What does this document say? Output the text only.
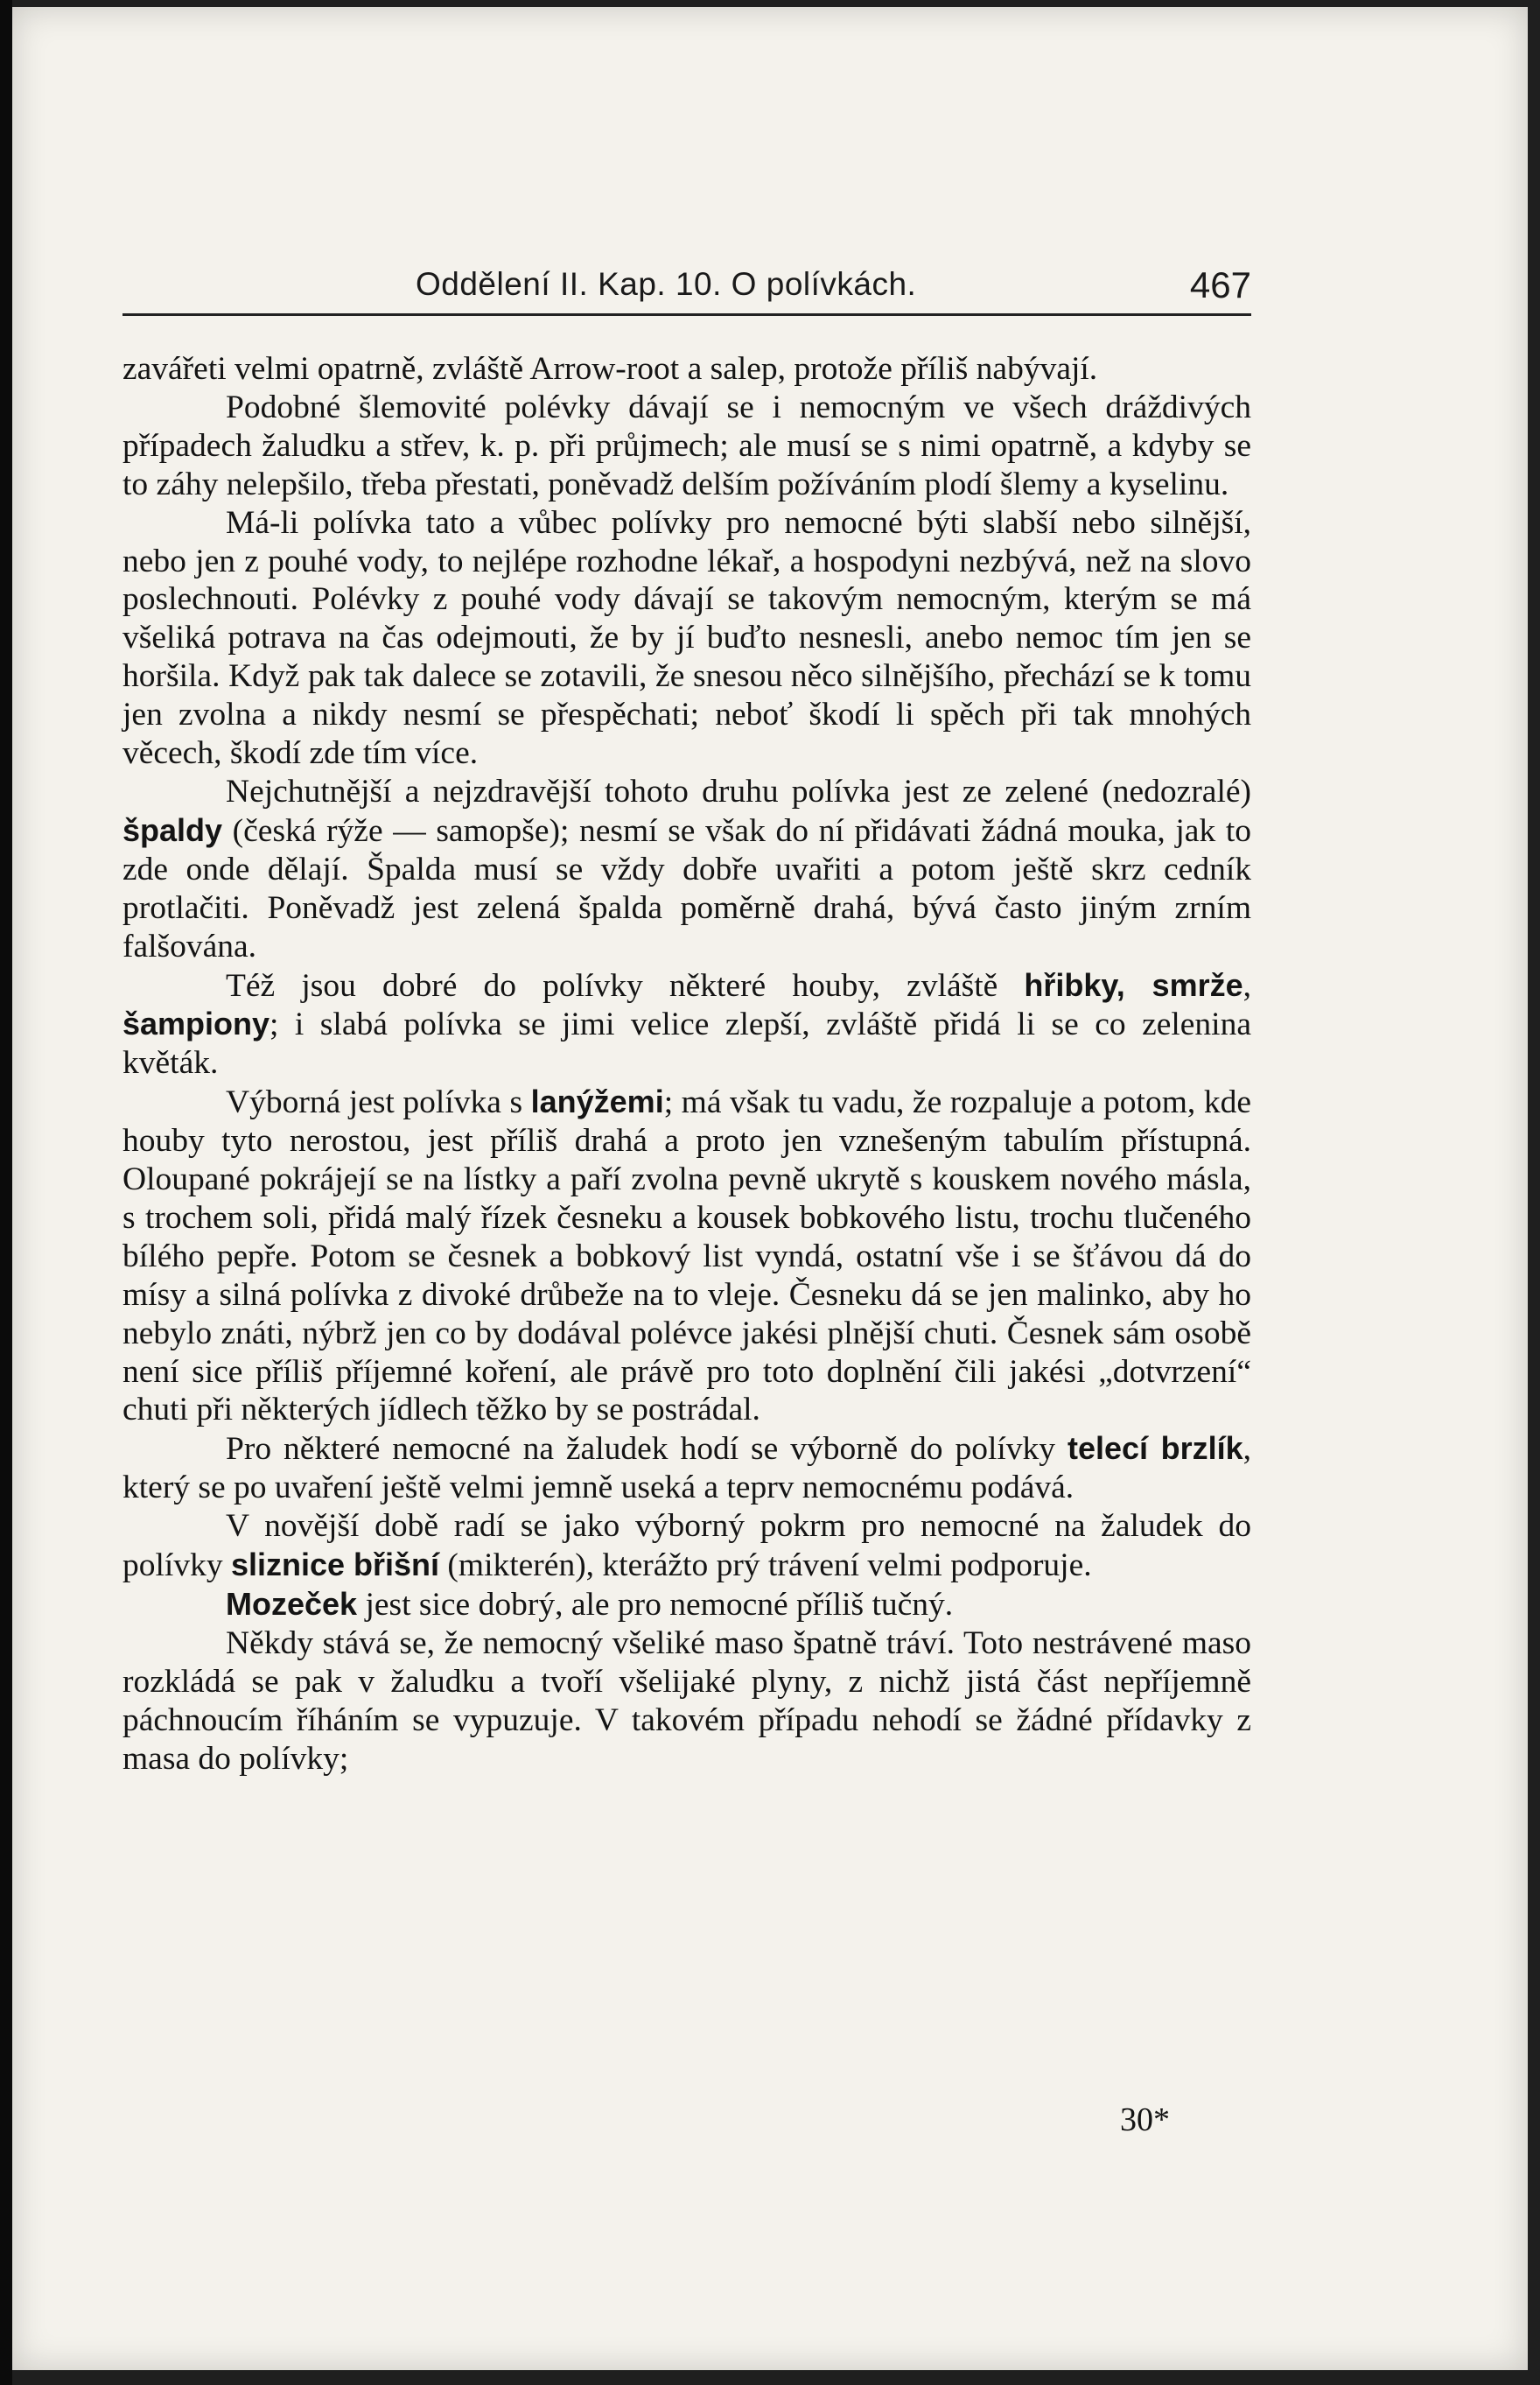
Oddělení II. Kap. 10. O polívkách.	467

zavářeti velmi opatrně, zvláště Arrow-root a salep, protože příliš nabývají.

Podobné šlemovité polévky dávají se i nemocným ve všech dráždivých případech žaludku a střev, k. p. při průjmech; ale musí se s nimi opatrně, a kdyby se to záhy nelepšilo, třeba přestati, poněvadž delším požíváním plodí šlemy a kyselinu.

Má-li polívka tato a vůbec polívky pro nemocné býti slabší nebo silnější, nebo jen z pouhé vody, to nejlépe rozhodne lékař, a hospodyni nezbývá, než na slovo poslechnouti. Polévky z pouhé vody dávají se takovým nemocným, kterým se má všeliká potrava na čas odejmouti, že by jí buďto nesnesli, anebo nemoc tím jen se horšila. Když pak tak dalece se zotavili, že snesou něco silnějšího, přechází se k tomu jen zvolna a nikdy nesmí se přespěchati; neboť škodí li spěch při tak mnohých věcech, škodí zde tím více.

Nejchutnější a nejzdravější tohoto druhu polívka jest ze zelené (nedozralé) špaldy (česká rýže — samopše); nesmí se však do ní přidávati žádná mouka, jak to zde onde dělají. Špalda musí se vždy dobře uvařiti a potom ještě skrz cedník protlačiti. Poněvadž jest zelená špalda poměrně drahá, bývá často jiným zrním falšována.

Též jsou dobré do polívky některé houby, zvláště hřibky, smrže, šampiony; i slabá polívka se jimi velice zlepší, zvláště přidá li se co zelenina květák.

Výborná jest polívka s lanýžemi; má však tu vadu, že rozpaluje a potom, kde houby tyto nerostou, jest příliš drahá a proto jen vznešeným tabulím přístupná. Oloupané pokrájejí se na lístky a paří zvolna pevně ukrytě s kouskem nového másla, s trochem soli, přidá malý řízek česneku a kousek bobkového listu, trochu tlučeného bílého pepře. Potom se česnek a bobkový list vyndá, ostatní vše i se šťávou dá do mísy a silná polívka z divoké drůbeže na to vleje. Česneku dá se jen malinko, aby ho nebylo znáti, nýbrž jen co by dodával polévce jakési plnější chuti. Česnek sám osobě není sice příliš příjemné koření, ale právě pro toto doplnění čili jakési „dotvrzení“ chuti při některých jídlech těžko by se postrádal.

Pro některé nemocné na žaludek hodí se výborně do polívky telecí brzlík, který se po uvaření ještě velmi jemně useká a teprv nemocnému podává.

V novější době radí se jako výborný pokrm pro nemocné na žaludek do polívky sliznice břišní (mikterén), kterážto prý trávení velmi podporuje.

Mozeček jest sice dobrý, ale pro nemocné příliš tučný.

Někdy stává se, že nemocný všeliké maso špatně tráví. Toto nestrávené maso rozkládá se pak v žaludku a tvoří všelijaké plyny, z nichž jistá část nepříjemně páchnoucím říháním se vypuzuje. V takovém případu nehodí se žádné přídavky z masa do polívky;

30*
